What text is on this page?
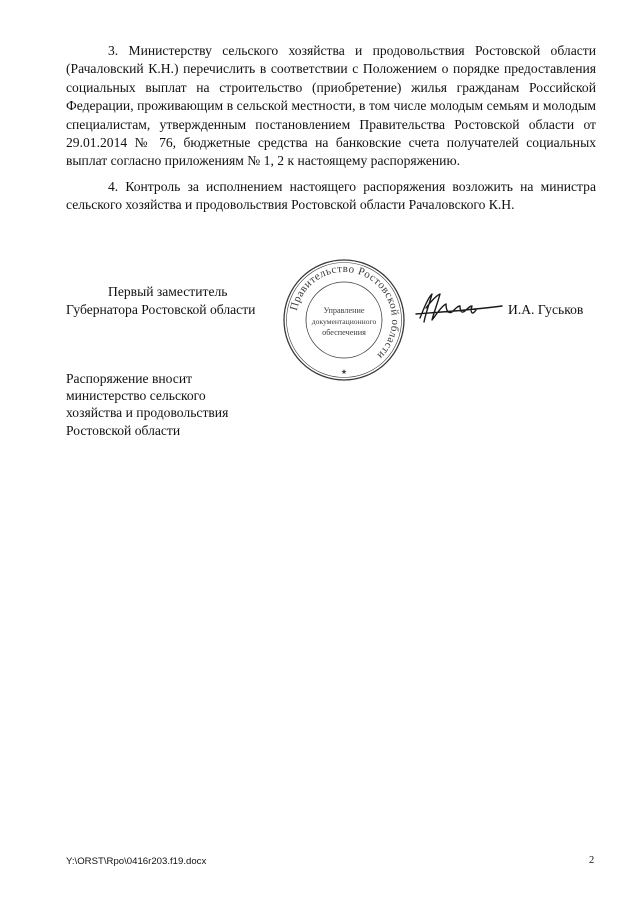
3. Министерству сельского хозяйства и продовольствия Ростовской области (Рачаловский К.Н.) перечислить в соответствии с Положением о порядке предоставления социальных выплат на строительство (приобретение) жилья гражданам Российской Федерации, проживающим в сельской местности, в том числе молодым семьям и молодым специалистам, утвержденным постановлением Правительства Ростовской области от 29.01.2014 № 76, бюджетные средства на банковские счета получателей социальных выплат согласно приложениям № 1, 2 к настоящему распоряжению.

4. Контроль за исполнением настоящего распоряжения возложить на министра сельского хозяйства и продовольствия Ростовской области Рачаловского К.Н.

Первый заместитель
Губернатора Ростовской области	Правительство Ростовской области
Управление
документационного
обеспечения
★
И.А. Гуськов
Распоряжение вносит
министерство сельского
хозяйства и продовольствия
Ростовской области
Y:\ORST\Rpo\0416r203.f19.docx	2
